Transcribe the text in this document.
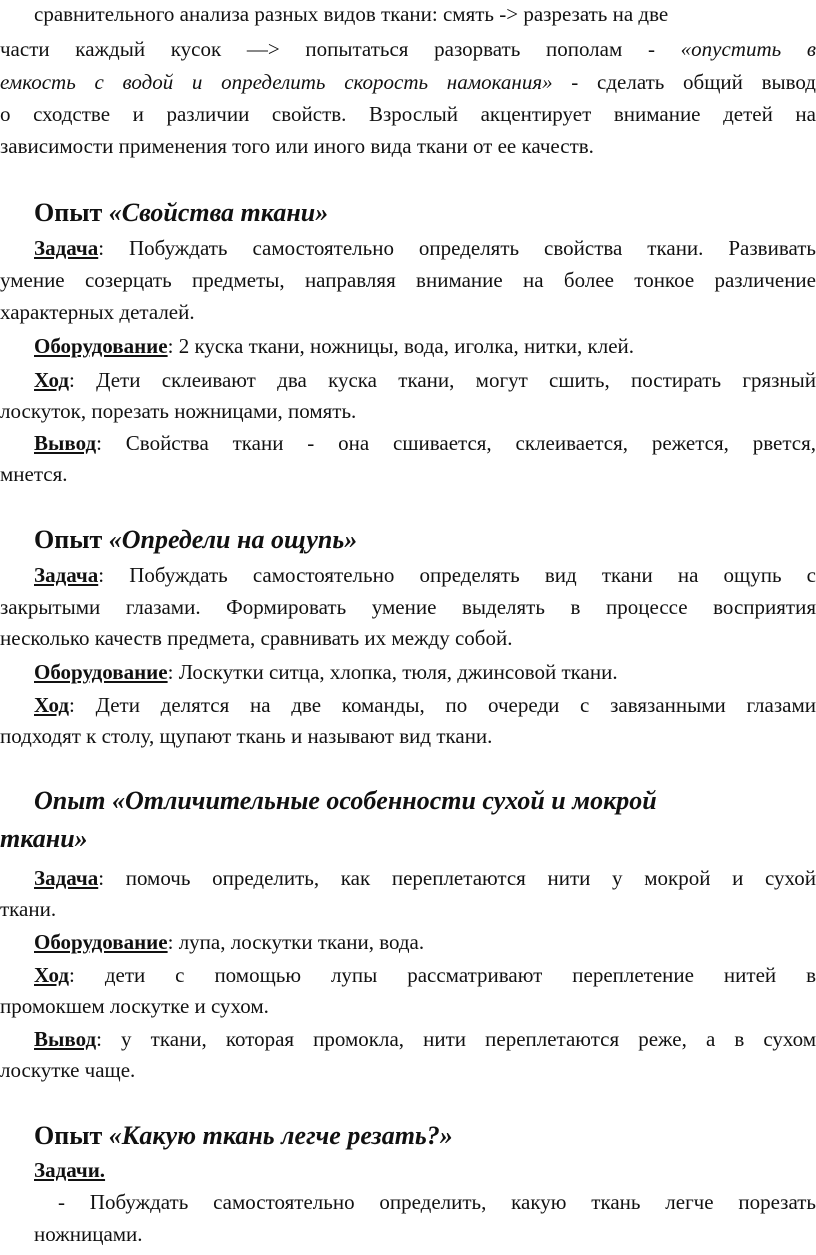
сравнительного анализа разных видов ткани: смять -> разрезать на две
части каждый кусок —> попытаться разорвать пополам - «опустить в
емкость с водой и определить скорость намокания» - сделать общий вывод
о сходстве и различии свойств. Взрослый акцентирует внимание детей на
зависимости применения того или иного вида ткани от ее качеств.
Опыт «Свойства ткани»
Задача: Побуждать самостоятельно определять свойства ткани. Развивать
умение созерцать предметы, направляя внимание на более тонкое различение
характерных деталей.
Оборудование: 2 куска ткани, ножницы, вода, иголка, нитки, клей.
Ход: Дети склеивают два куска ткани, могут сшить, постирать грязный
лоскуток, порезать ножницами, помять.
Вывод: Свойства ткани - она сшивается, склеивается, режется, рвется,
мнется.
Опыт «Определи на ощупь»
Задача: Побуждать самостоятельно определять вид ткани на ощупь с
закрытыми глазами. Формировать умение выделять в процессе восприятия
несколько качеств предмета, сравнивать их между собой.
Оборудование: Лоскутки ситца, хлопка, тюля, джинсовой ткани.
Ход: Дети делятся на две команды, по очереди с завязанными глазами
подходят к столу, щупают ткань и называют вид ткани.
Опыт «Отличительные особенности сухой и мокрой
ткани»
Задача: помочь определить, как переплетаются нити у мокрой и сухой
ткани.
Оборудование: лупа, лоскутки ткани, вода.
Ход: дети с помощью лупы рассматривают переплетение нитей в
промокшем лоскутке и сухом.
Вывод: у ткани, которая промокла, нити переплетаются реже, а в сухом
лоскутке чаще.
Опыт «Какую ткань легче резать?»
Задачи.
- Побуждать самостоятельно определить, какую ткань легче порезать
ножницами.
